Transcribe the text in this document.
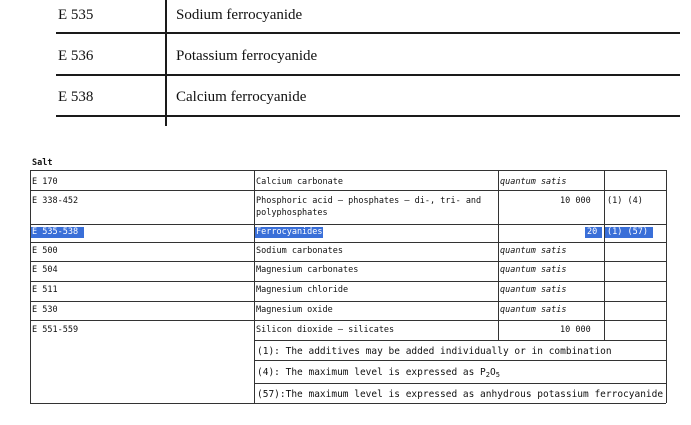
E 535	Sodium ferrocyanide
E 536	Potassium ferrocyanide
E 538	Calcium ferrocyanide
Salt
E 170	Calcium carbonate	quantum satis
E 338-452	Phosphoric acid — phosphates — di-, tri- and
polyphosphates
10 000 (1) (4)
E 535-538	Ferrocyanides	20 (1) (57)
E 500	Sodium carbonates	quantum satis
E 504	Magnesium carbonates	quantum satis
E 511	Magnesium chloride	quantum satis
E 530	Magnesium oxide	quantum satis
E 551-559	Silicon dioxide — silicates	10 000
(1): The additives may be added individually or in combination
(4): The maximum level is expressed as $P_2O_5$
(57):The maximum level is expressed as anhydrous potassium ferrocyanide
